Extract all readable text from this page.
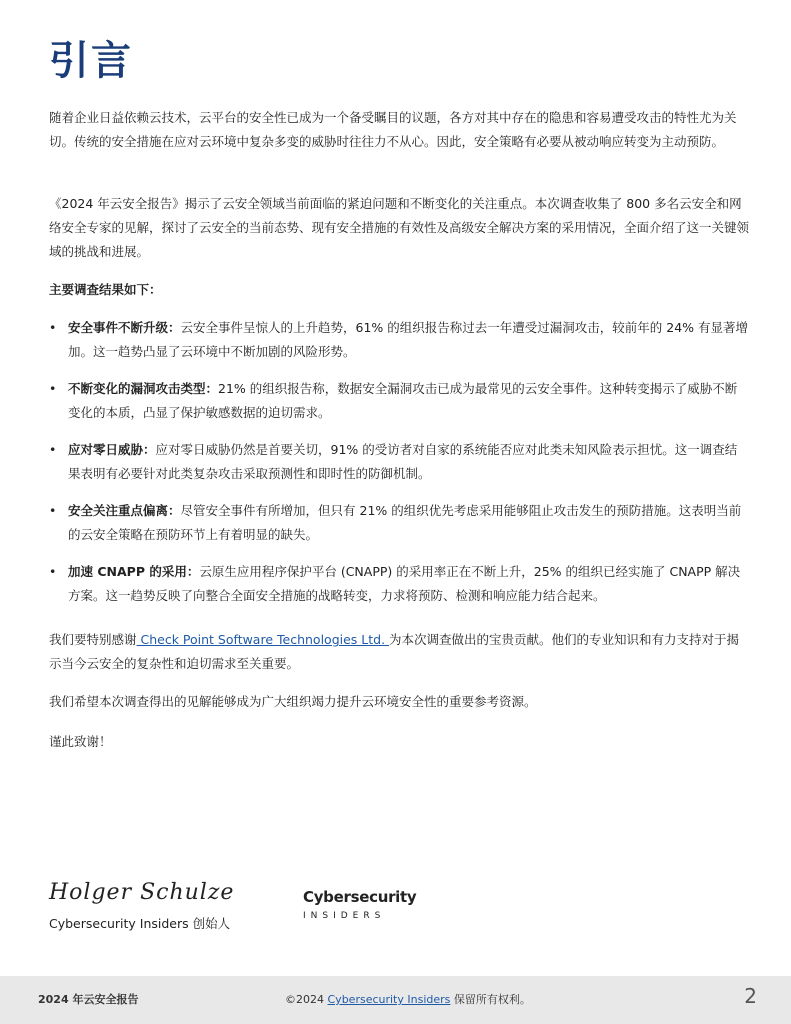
引言
随着企业日益依赖云技术，云平台的安全性已成为一个备受瞩目的议题，各方对其中存在的隐患和容易遭受攻击的特性尤为关切。传统的安全措施在应对云环境中复杂多变的威胁时往往力不从心。因此，安全策略有必要从被动响应转变为主动预防。
《2024 年云安全报告》揭示了云安全领域当前面临的紧迫问题和不断变化的关注重点。本次调查收集了 800 多名云安全和网络安全专家的见解，探讨了云安全的当前态势、现有安全措施的有效性及高级安全解决方案的采用情况，全面介绍了这一关键领域的挑战和进展。
主要调查结果如下：
• 安全事件不断升级：云安全事件呈惊人的上升趋势，61% 的组织报告称过去一年遭受过漏洞攻击，较前年的 24% 有显著增加。这一趋势凸显了云环境中不断加剧的风险形势。
• 不断变化的漏洞攻击类型：21% 的组织报告称，数据安全漏洞攻击已成为最常见的云安全事件。这种转变揭示了威胁不断变化的本质，凸显了保护敏感数据的迫切需求。
• 应对零日威胁：应对零日威胁仍然是首要关切，91% 的受访者对自家的系统能否应对此类未知风险表示担忧。这一调查结果表明有必要针对此类复杂攻击采取预测性和即时性的防御机制。
• 安全关注重点偏离：尽管安全事件有所增加，但只有 21% 的组织优先考虑采用能够阻止攻击发生的预防措施。这表明当前的云安全策略在预防环节上有着明显的缺失。
• 加速 CNAPP 的采用：云原生应用程序保护平台 (CNAPP) 的采用率正在不断上升，25% 的组织已经实施了 CNAPP 解决方案。这一趋势反映了向整合全面安全措施的战略转变，力求将预防、检测和响应能力结合起来。
我们要特别感谢 Check Point Software Technologies Ltd. 为本次调查做出的宝贵贡献。他们的专业知识和有力支持对于揭示当今云安全的复杂性和迫切需求至关重要。
我们希望本次调查得出的见解能够成为广大组织竭力提升云环境安全性的重要参考资源。
谨此致谢！
Holger Schulze
Cybersecurity Insiders 创始人
Cybersecurity
INSIDERS
2024 年云安全报告	©2024 Cybersecurity Insiders 保留所有权利。	2
